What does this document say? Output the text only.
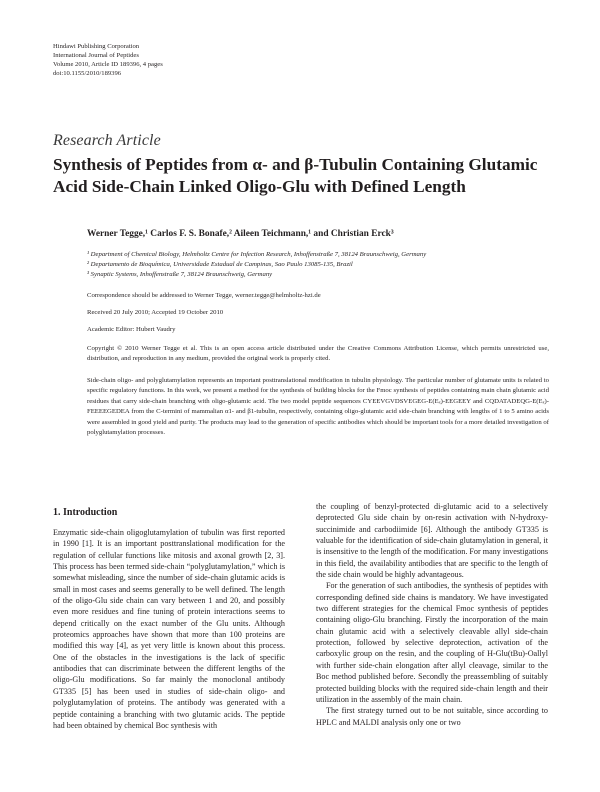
Hindawi Publishing Corporation
International Journal of Peptides
Volume 2010, Article ID 189396, 4 pages
doi:10.1155/2010/189396
Research Article
Synthesis of Peptides from α- and β-Tubulin Containing Glutamic Acid Side-Chain Linked Oligo-Glu with Defined Length
Werner Tegge,¹ Carlos F. S. Bonafe,² Aileen Teichmann,¹ and Christian Erck³
¹ Department of Chemical Biology, Helmholtz Centre for Infection Research, Inhoffenstraße 7, 38124 Braunschweig, Germany
² Departamento de Bioquímica, Universidade Estadual de Campinas, Sao Paulo 13085-135, Brazil
³ Synaptic Systems, Inhoffenstraße 7, 38124 Braunschweig, Germany
Correspondence should be addressed to Werner Tegge, werner.tegge@helmholtz-hzi.de
Received 20 July 2010; Accepted 19 October 2010
Academic Editor: Hubert Vaudry
Copyright © 2010 Werner Tegge et al. This is an open access article distributed under the Creative Commons Attribution License, which permits unrestricted use, distribution, and reproduction in any medium, provided the original work is properly cited.
Side-chain oligo- and polyglutamylation represents an important posttranslational modification in tubulin physiology. The particular number of glutamate units is related to specific regulatory functions. In this work, we present a method for the synthesis of building blocks for the Fmoc synthesis of peptides containing main chain glutamic acid residues that carry side-chain branching with oligo-glutamic acid. The two model peptide sequences CYEEVGVDSVEGEG-E(Eₓ)-EEGEEY and CQDATADEQG-E(Eₓ)-FEEEEGEDEA from the C-termini of mammalian α1- and β1-tubulin, respectively, containing oligo-glutamic acid side-chain branching with lengths of 1 to 5 amino acids were assembled in good yield and purity. The products may lead to the generation of specific antibodies which should be important tools for a more detailed investigation of polyglutamylation processes.
1. Introduction

Enzymatic side-chain oligoglutamylation of tubulin was first reported in 1990 [1]. It is an important posttranslational modification for the regulation of cellular functions like mitosis and axonal growth [2, 3]. This process has been termed side-chain “polyglutamylation,” which is somewhat misleading, since the number of side-chain glutamic acids is small in most cases and seems generally to be well defined. The length of the oligo-Glu side chain can vary between 1 and 20, and possibly even more residues and fine tuning of protein interactions seems to depend critically on the exact number of the Glu units. Although proteomics approaches have shown that more than 100 proteins are modified this way [4], as yet very little is known about this process. One of the obstacles in the investigations is the lack of specific antibodies that can discriminate between the different lengths of the oligo-Glu modifications. So far mainly the monoclonal antibody GT335 [5] has been used in studies of side-chain oligo- and polyglutamylation of proteins. The antibody was generated with a peptide containing a branching with two glutamic acids. The peptide had been obtained by chemical Boc synthesis with

the coupling of benzyl-protected di-glutamic acid to a selectively deprotected Glu side chain by on-resin activation with N-hydroxy-succinimide and carbodiimide [6]. Although the antibody GT335 is valuable for the identification of side-chain glutamylation in general, it is insensitive to the length of the modification. For many investigations in this field, the availability antibodies that are specific to the length of the side chain would be highly advantageous.

For the generation of such antibodies, the synthesis of peptides with corresponding defined side chains is mandatory. We have investigated two different strategies for the chemical Fmoc synthesis of peptides containing oligo-Glu branching. Firstly the incorporation of the main chain glutamic acid with a selectively cleavable allyl side-chain protection, followed by selective deprotection, activation of the carboxylic group on the resin, and the coupling of H-Glu(tBu)-Oallyl with further side-chain elongation after allyl cleavage, similar to the Boc method published before. Secondly the preassembling of suitably protected building blocks with the required side-chain length and their utilization in the assembly of the main chain.

The first strategy turned out to be not suitable, since according to HPLC and MALDI analysis only one or two
